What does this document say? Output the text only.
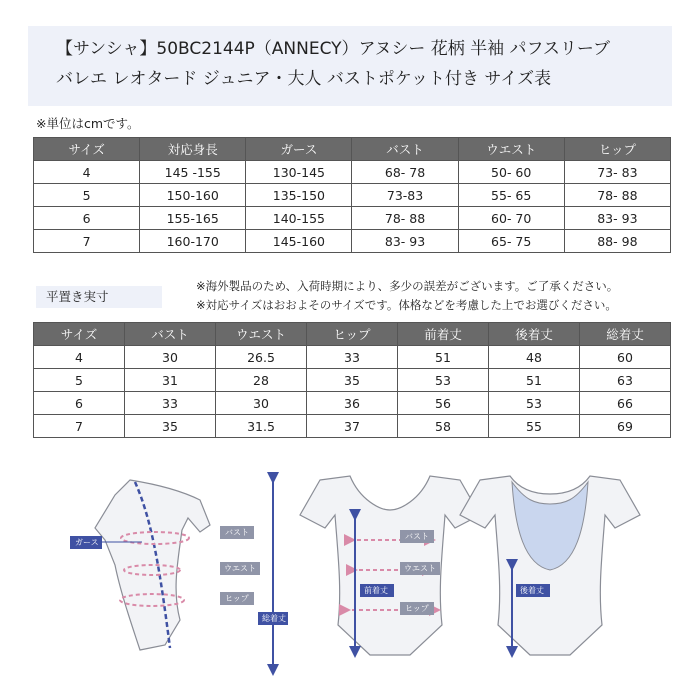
【サンシャ】50BC2144P（ANNECY）アヌシー 花柄 半袖 パフスリーブ
バレエ レオタード ジュニア・大人 バストポケット付き サイズ表
※単位はcmです。
サイズ	対応身長	ガース	バスト	ウエスト	ヒップ
4	145 -155	130-145	68- 78	50- 60	73- 83
5	150-160	135-150	73-83	55- 65	78- 88
6	155-165	140-155	78- 88	60- 70	83- 93
7	160-170	145-160	83- 93	65- 75	88- 98
平置き実寸
※海外製品のため、入荷時期により、多少の誤差がございます。ご了承ください。
※対応サイズはおおよそのサイズです。体格などを考慮した上でお選びください。
サイズ	バスト	ウエスト	ヒップ	前着丈	後着丈	総着丈
4	30	26.5	33	51	48	60
5	31	28	35	53	51	63
6	33	30	36	56	53	66
7	35	31.5	37	58	55	69
ガース
バスト
ウエスト
ヒップ
総着丈
バスト
ウエスト
前着丈
ヒップ
後着丈
